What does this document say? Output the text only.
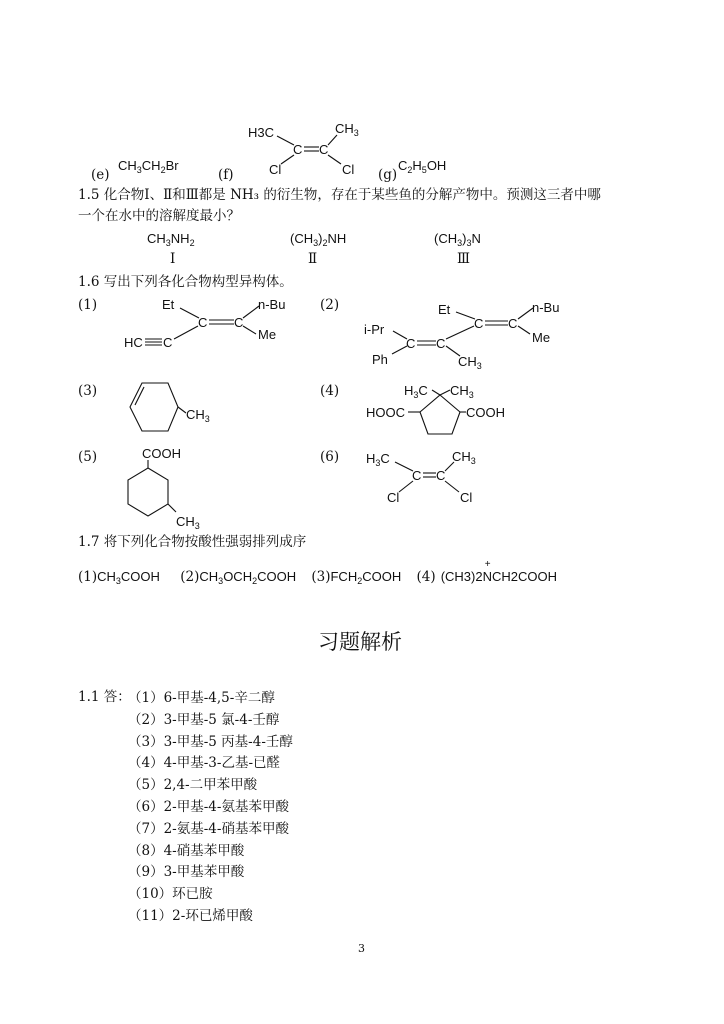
(e)
$CH_3CH_2Br$
(f)
H3C	$CH_3$
C C
Cl	Cl (g)
$C_2H_5OH$
1.5 化合物Ⅰ、Ⅱ和Ⅲ都是 NH₃ 的衍生物，存在于某些鱼的分解产物中。预测这三者中哪
一个在水中的溶解度最小？
$CH_3NH_2$	$(CH_3)_2NH$	$(CH_3)_3N$
Ⅰ	Ⅱ	Ⅲ
1.6 写出下列各化合物构型异构体。
(1)	Et	n-Bu
C C
Me
HC C
(2)	Et	n-Bu
C C
Me
i-Pr
C C
Ph	$CH_3$
(3)
$CH_3$
(4)	$H_3C$ $CH_3$
HOOC	COOH
(5)	COOH
$CH_3$
(6) $H_3C$	$CH_3$
C C
Cl	Cl
1.7 将下列化合物按酸性强弱排列成序
$(1)CH_3COOH$ $(2)CH_3OCH_2COOH$ $(3)FCH_2COOH$ (4) (CH3)2NCH2COOH
+
习题解析
1.1 答：
（1）6-甲基-4,5-辛二醇
（2）3-甲基-5 氯-4-壬醇
（3）3-甲基-5 丙基-4-壬醇
（4）4-甲基-3-乙基-已醛
（5）2,4-二甲苯甲酸
（6）2-甲基-4-氨基苯甲酸
（7）2-氨基-4-硝基苯甲酸
（8）4-硝基苯甲酸
（9）3-甲基苯甲酸
（10）环已胺
（11）2-环已烯甲酸
3
